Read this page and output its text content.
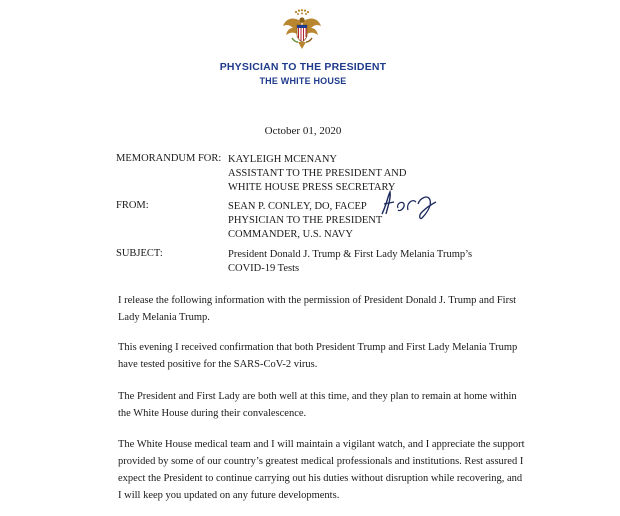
PHYSICIAN TO THE PRESIDENT
THE WHITE HOUSE
October 01, 2020
MEMORANDUM FOR: KAYLEIGH MCENANY
ASSISTANT TO THE PRESIDENT AND
WHITE HOUSE PRESS SECRETARY
FROM:	SEAN P. CONLEY, DO, FACEP
PHYSICIAN TO THE PRESIDENT
COMMANDER, U.S. NAVY
SUBJECT:	President Donald J. Trump & First Lady Melania Trump’s
COVID-19 Tests
I release the following information with the permission of President Donald J. Trump and First
Lady Melania Trump.
This evening I received confirmation that both President Trump and First Lady Melania Trump
have tested positive for the SARS-CoV-2 virus.
The President and First Lady are both well at this time, and they plan to remain at home within
the White House during their convalescence.
The White House medical team and I will maintain a vigilant watch, and I appreciate the support
provided by some of our country’s greatest medical professionals and institutions. Rest assured I
expect the President to continue carrying out his duties without disruption while recovering, and
I will keep you updated on any future developments.
